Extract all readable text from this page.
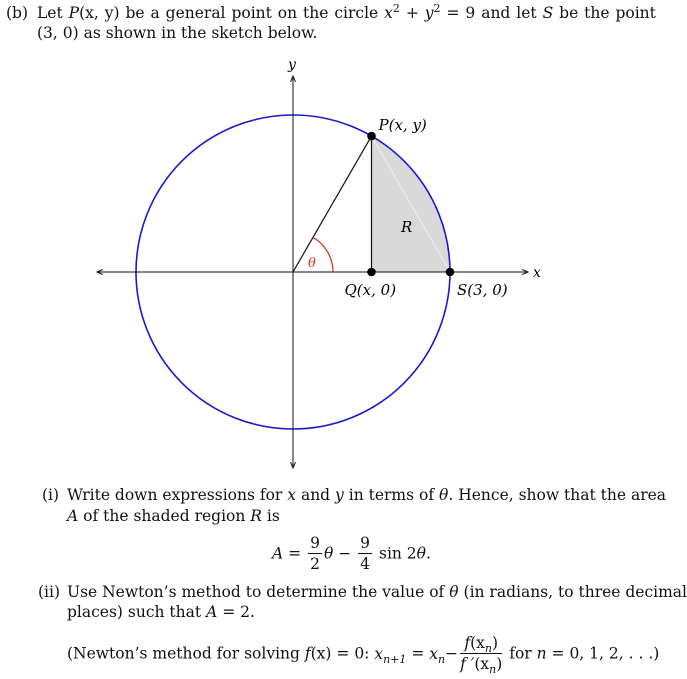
(b) Let P(x, y) be a general point on the circle $x^2 + y^2 = 9$ and let S be the point
(3, 0) as shown in the sketch below.
x
y
P(x, y)
Q(x, 0)	S(3, 0)
R
θ
(i) Write down expressions for x and y in terms of θ. Hence, show that the area
A of the shaded region R is
$A = \frac{9}{2}$ $\theta - \frac{9}{4}$ sin 2θ.
(ii) Use Newton’s method to determine the value of θ (in radians, to three decimal
places) such that A = 2.
(Newton’s method for solving f(x) = 0: $x_{n+1} = x_n- \frac{f(x_n)}{f '(x_n)}$ for n = 0, 1, 2, . . .)
